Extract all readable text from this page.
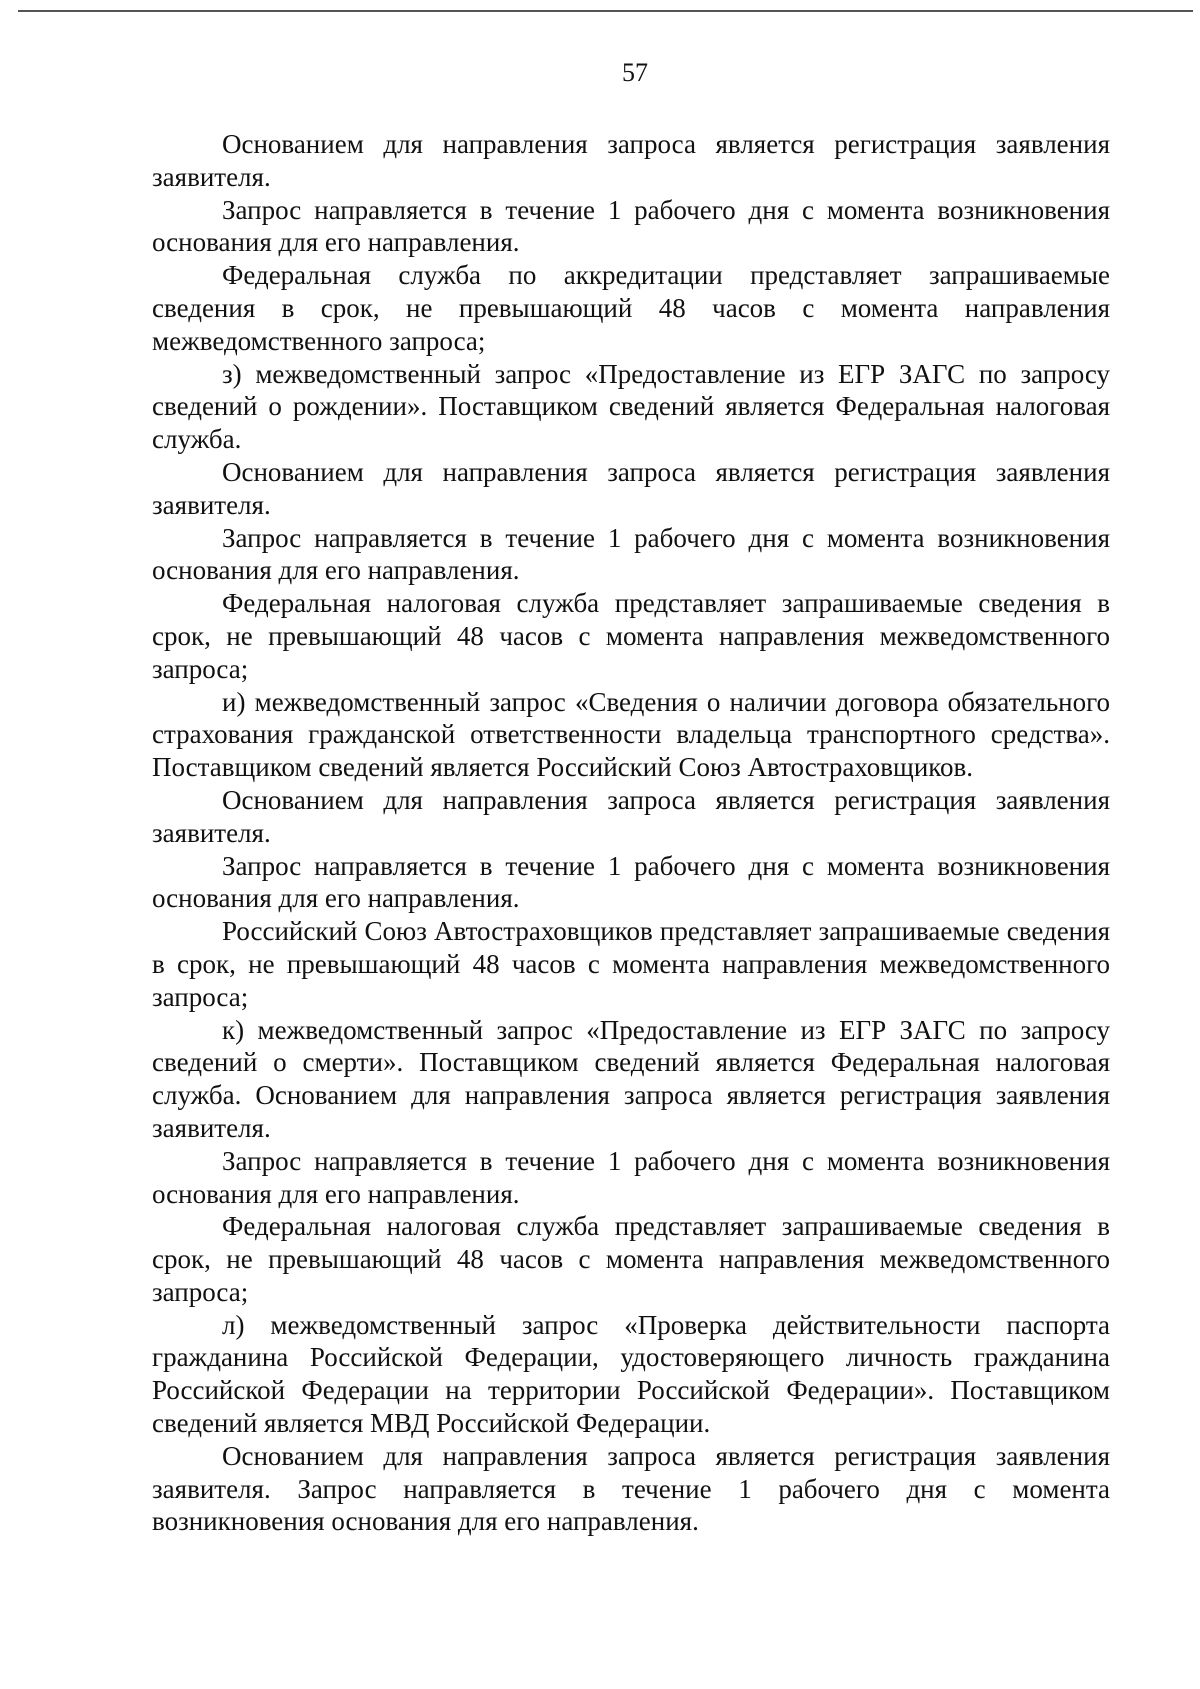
57

Основанием для направления запроса является регистрация заявления заявителя.

Запрос направляется в течение 1 рабочего дня с момента возникновения основания для его направления.

Федеральная служба по аккредитации представляет запрашиваемые сведения в срок, не превышающий 48 часов с момента направления межведомственного запроса;

з) межведомственный запрос «Предоставление из ЕГР ЗАГС по запросу сведений о рождении». Поставщиком сведений является Федеральная налоговая служба.

Основанием для направления запроса является регистрация заявления заявителя.

Запрос направляется в течение 1 рабочего дня с момента возникновения основания для его направления.

Федеральная налоговая служба представляет запрашиваемые сведения в срок, не превышающий 48 часов с момента направления межведомственного запроса;

и) межведомственный запрос «Сведения о наличии договора обязательного страхования гражданской ответственности владельца транспортного средства». Поставщиком сведений является Российский Союз Автостраховщиков.

Основанием для направления запроса является регистрация заявления заявителя.

Запрос направляется в течение 1 рабочего дня с момента возникновения основания для его направления.

Российский Союз Автостраховщиков представляет запрашиваемые сведения в срок, не превышающий 48 часов с момента направления межведомственного запроса;

к) межведомственный запрос «Предоставление из ЕГР ЗАГС по запросу сведений о смерти». Поставщиком сведений является Федеральная налоговая служба. Основанием для направления запроса является регистрация заявления заявителя.

Запрос направляется в течение 1 рабочего дня с момента возникновения основания для его направления.

Федеральная налоговая служба представляет запрашиваемые сведения в срок, не превышающий 48 часов с момента направления межведомственного запроса;

л) межведомственный запрос «Проверка действительности паспорта гражданина Российской Федерации, удостоверяющего личность гражданина Российской Федерации на территории Российской Федерации». Поставщиком сведений является МВД Российской Федерации.

Основанием для направления запроса является регистрация заявления заявителя. Запрос направляется в течение 1 рабочего дня с момента возникновения основания для его направления.
